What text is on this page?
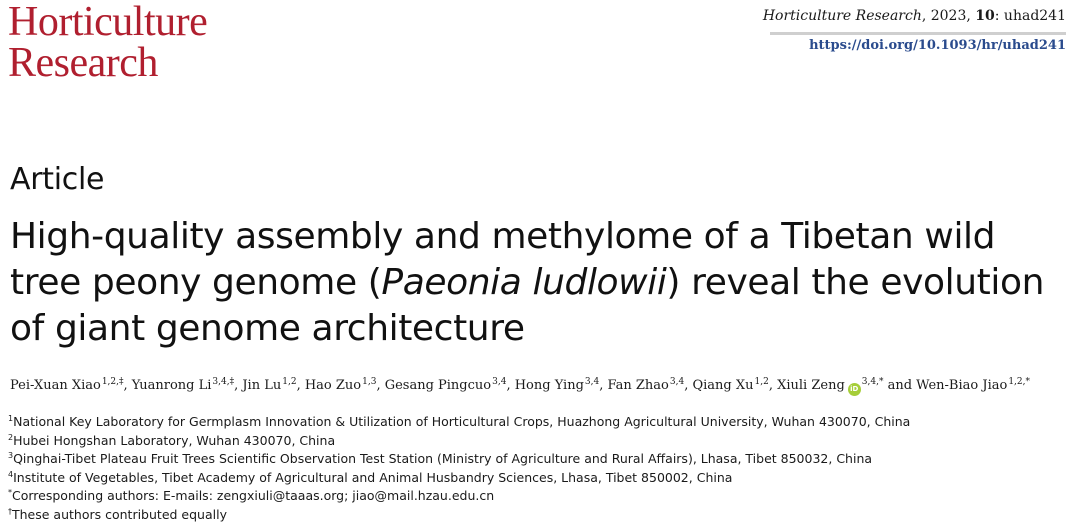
Horticulture
Research
Horticulture Research, 2023, 10: uhad241
https://doi.org/10.1093/hr/uhad241
Article
High-quality assembly and methylome of a Tibetan wild
tree peony genome (Paeonia ludlowii) reveal the evolution
of giant genome architecture
Pei-Xuan Xiao$^{1,2,\ddagger}$, Yuanrong $Li^{3,4,\ddagger}$, Jin Lu$^{1,2}$, Hao Zuo$^{1,3}$, Gesang Pingcuo$^{3,4}$, Hong Ying$^{3,4}$, Fan Zhao$^{3,4}$, Qiang Xu$^{1,2}$, Xiuli Zeng $iD^{3,4,*}$ and Wen-Biao Jiao$^{1,2,*}$
$^1$National Key Laboratory for Germplasm Innovation & Utilization of Horticultural Crops, Huazhong Agricultural University, Wuhan 430070, China
$^2$Hubei Hongshan Laboratory, Wuhan 430070, China
$^3$Qinghai-Tibet Plateau Fruit Trees Scientific Observation Test Station (Ministry of Agriculture and Rural Affairs), Lhasa, Tibet 850032, China
$^4$Institute of Vegetables, Tibet Academy of Agricultural and Animal Husbandry Sciences, Lhasa, Tibet 850002, China
*Corresponding authors: E-mails: zengxiuli@taaas.org; jiao@mail.hzau.edu.cn
†These authors contributed equally
